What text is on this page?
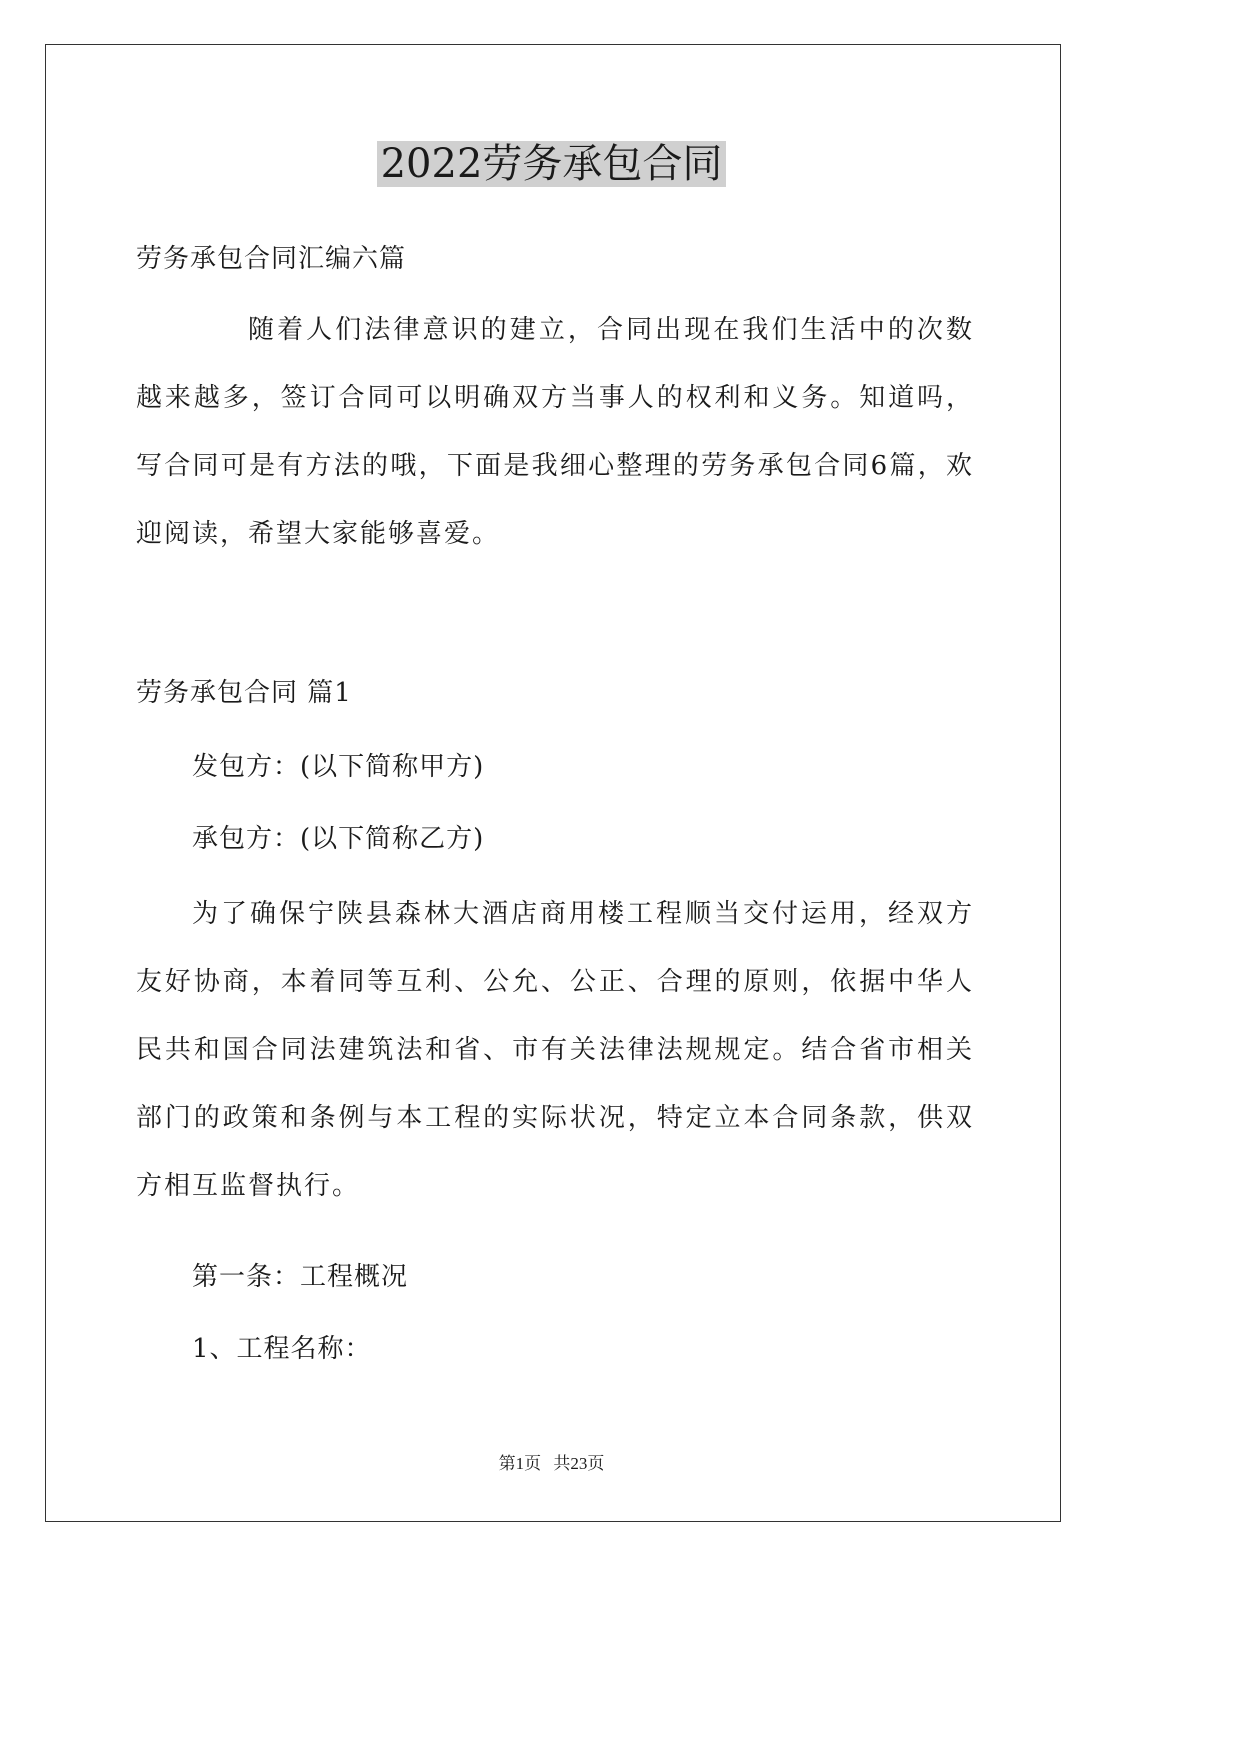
2022劳务承包合同
劳务承包合同汇编六篇
随着人们法律意识的建立，合同出现在我们生活中的次数越来越多，签订合同可以明确双方当事人的权利和义务。知道吗，写合同可是有方法的哦，下面是我细心整理的劳务承包合同6篇，欢迎阅读，希望大家能够喜爱。
劳务承包合同 篇1
发包方：(以下简称甲方)
承包方：(以下简称乙方)
为了确保宁陕县森林大酒店商用楼工程顺当交付运用，经双方友好协商，本着同等互利、公允、公正、合理的原则，依据中华人民共和国合同法建筑法和省、市有关法律法规规定。结合省市相关部门的政策和条例与本工程的实际状况，特定立本合同条款，供双方相互监督执行。
第一条：工程概况
1、工程名称：
第1页 共23页
